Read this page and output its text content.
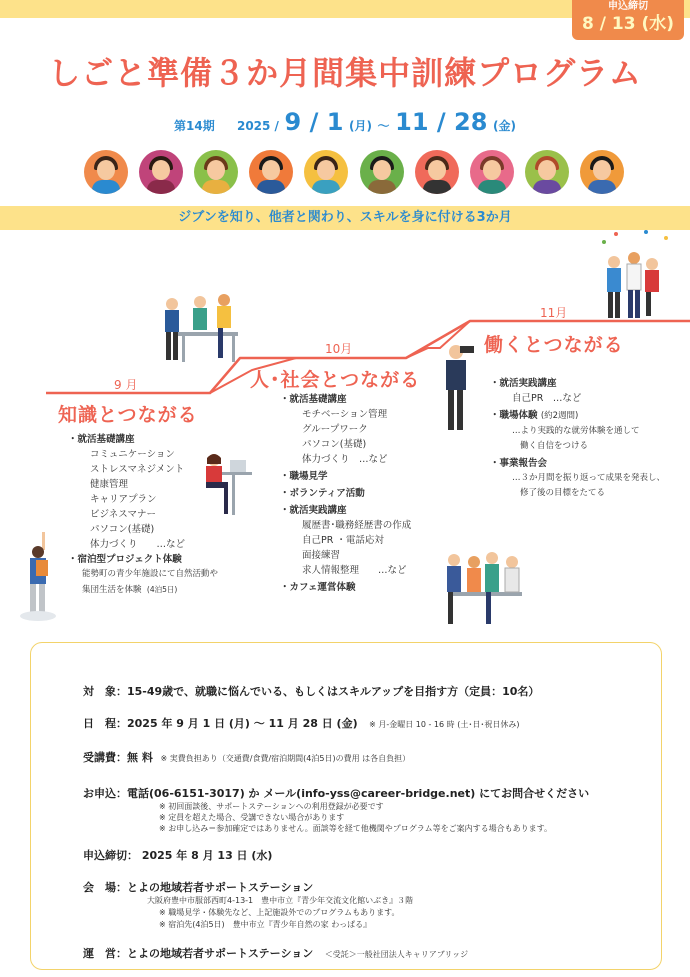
申込締切
8 / 13 (水)
しごと準備３か月間集中訓練プログラム
第14期 2025 / 9 / 1 (月) ～ 11 / 28 (金)
ジブンを知り、他者と関わり、スキルを身に付ける3か月
9 月
10月
11月
知識とつながる
人･社会とつながる
働くとつながる
・就活基礎講座
コミュニケーション
ストレスマネジメント
健康管理
キャリアプラン
ビジネスマナー
パソコン(基礎)
体力づくり　　…など
・宿泊型プロジェクト体験
能勢町の青少年施設にて自然活動や
集団生活を体験 (4泊5日)
・就活基礎講座
モチベーション管理
グループワーク
パソコン(基礎)
体力づくり　…など
・職場見学
・ボランティア活動
・就活実践講座
履歴書･職務経歴書の作成
自己PR ・電話応対
面接練習
求人情報整理　　…など
・カフェ運営体験
・就活実践講座
自己PR　…など
・職場体験 (約2週間)
…より実践的な就労体験を通して
働く自信をつける
・事業報告会
…３か月間を振り返って成果を発表し、
修了後の目標をたてる
対　象：15-49歳で、就職に悩んでいる、もしくはスキルアップを目指す方（定員：10名）
日　程：2025 年 9 月 1 日 (月) ～ 11 月 28 日 (金) ※ 月-金曜日 10 - 16 時 (土･日･祝日休み)
受講費：無 料 ※ 実費負担あり（交通費/食費/宿泊期間(4泊5日)の費用 は各自負担）
お申込：電話(06-6151-3017) か メール(info-yss@career-bridge.net) にてお問合せください
※ 初回面談後、サポートステーションへの利用登録が必要です
※ 定員を超えた場合、受講できない場合があります
※ お申し込み＝参加確定ではありません。面談等を経て他機関やプログラム等をご案内する場合もあります。
申込締切： 2025 年 8 月 13 日 (水)
会　場：とよの地域若者サポートステーション
大阪府豊中市服部西町4-13-1　豊中市立『青少年交流文化館いぶき』３階
※ 職場見学・体験先など、上記施設外でのプログラムもあります。
※ 宿泊先(4泊5日)　豊中市立『青少年自然の家 わっぱる』
運　営：とよの地域若者サポートステーション ＜受託＞一般社団法人キャリアブリッジ
